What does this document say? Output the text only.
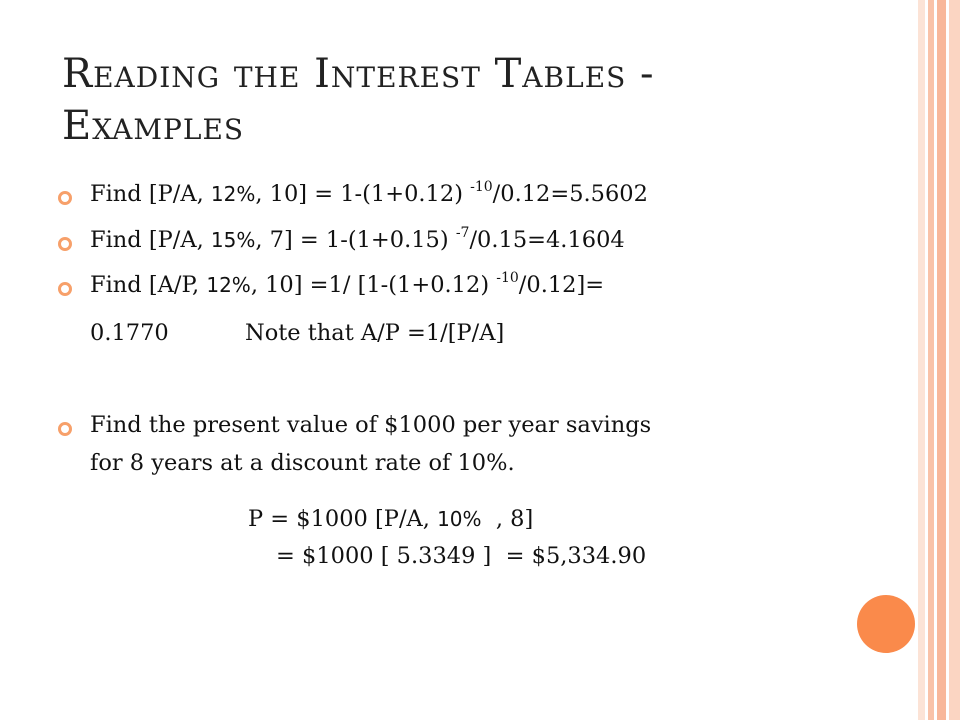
Reading the Interest Tables -
Examples
Find [P/A, 12%, 10] = 1-(1+0.12) $^{-10}$/0.12=5.5602
Find [P/A, 15%, 7] = 1-(1+0.15) $^{-7}$/0.15=4.1604
Find [A/P, 12%, 10] =1/ [1-(1+0.12) $^{-10}$/0.12]=
0.1770	Note that A/P =1/[P/A]
Find the present value of $1000 per year savings
for 8 years at a discount rate of 10%.
P = $1000 [P/A, 10%  , 8]
= $1000 [ 5.3349 ]  = $5,334.90
